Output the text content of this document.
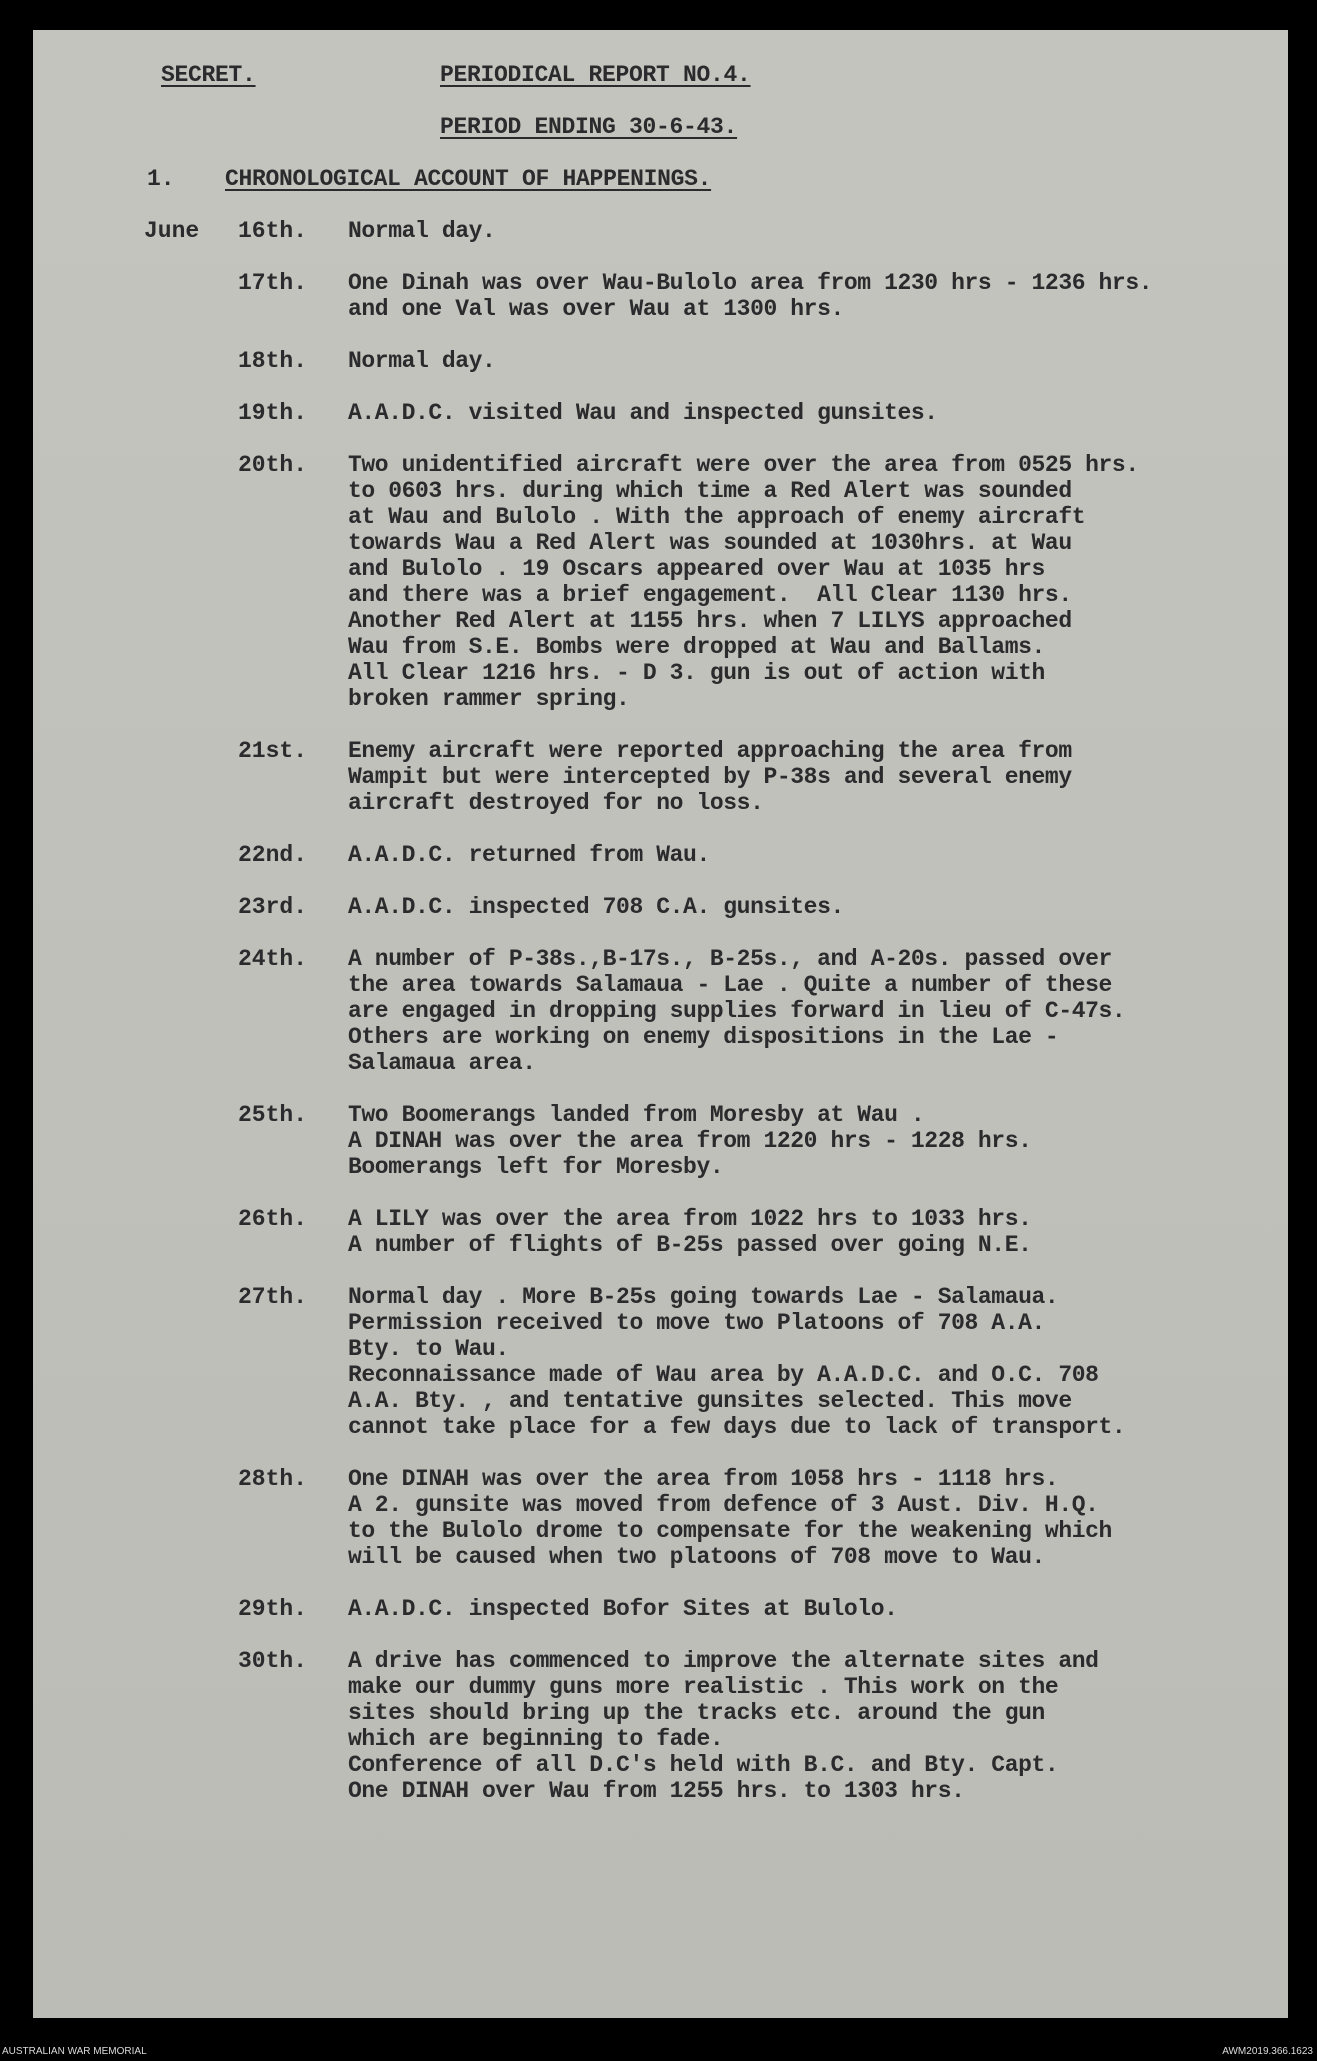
SECRET.	PERIODICAL REPORT NO.4.
PERIOD ENDING 30-6-43.
1. CHRONOLOGICAL ACCOUNT OF HAPPENINGS.
June 16th. Normal day.
17th. One Dinah was over Wau-Bulolo area from 1230 hrs - 1236 hrs.
and one Val was over Wau at 1300 hrs.
18th. Normal day.
19th. A.A.D.C. visited Wau and inspected gunsites.
20th. Two unidentified aircraft were over the area from 0525 hrs.
to 0603 hrs. during which time a Red Alert was sounded
at Wau and Bulolo . With the approach of enemy aircraft
towards Wau a Red Alert was sounded at 1030hrs. at Wau
and Bulolo . 19 Oscars appeared over Wau at 1035 hrs
and there was a brief engagement.  All Clear 1130 hrs.
Another Red Alert at 1155 hrs. when 7 LILYS approached
Wau from S.E. Bombs were dropped at Wau and Ballams.
All Clear 1216 hrs. - D 3. gun is out of action with
broken rammer spring.
21st. Enemy aircraft were reported approaching the area from
Wampit but were intercepted by P-38s and several enemy
aircraft destroyed for no loss.
22nd. A.A.D.C. returned from Wau.
23rd. A.A.D.C. inspected 708 C.A. gunsites.
24th. A number of P-38s.,B-17s., B-25s., and A-20s. passed over
the area towards Salamaua - Lae . Quite a number of these
are engaged in dropping supplies forward in lieu of C-47s.
Others are working on enemy dispositions in the Lae -
Salamaua area.
25th. Two Boomerangs landed from Moresby at Wau .
A DINAH was over the area from 1220 hrs - 1228 hrs.
Boomerangs left for Moresby.
26th. A LILY was over the area from 1022 hrs to 1033 hrs.
A number of flights of B-25s passed over going N.E.
27th. Normal day . More B-25s going towards Lae - Salamaua.
Permission received to move two Platoons of 708 A.A.
Bty. to Wau.
Reconnaissance made of Wau area by A.A.D.C. and O.C. 708
A.A. Bty. , and tentative gunsites selected. This move
cannot take place for a few days due to lack of transport.
28th. One DINAH was over the area from 1058 hrs - 1118 hrs.
A 2. gunsite was moved from defence of 3 Aust. Div. H.Q.
to the Bulolo drome to compensate for the weakening which
will be caused when two platoons of 708 move to Wau.
29th. A.A.D.C. inspected Bofor Sites at Bulolo.
30th. A drive has commenced to improve the alternate sites and
make our dummy guns more realistic . This work on the
sites should bring up the tracks etc. around the gun
which are beginning to fade.
Conference of all D.C's held with B.C. and Bty. Capt.
One DINAH over Wau from 1255 hrs. to 1303 hrs.
AUSTRALIAN WAR MEMORIAL	AWM2019.366.1623
